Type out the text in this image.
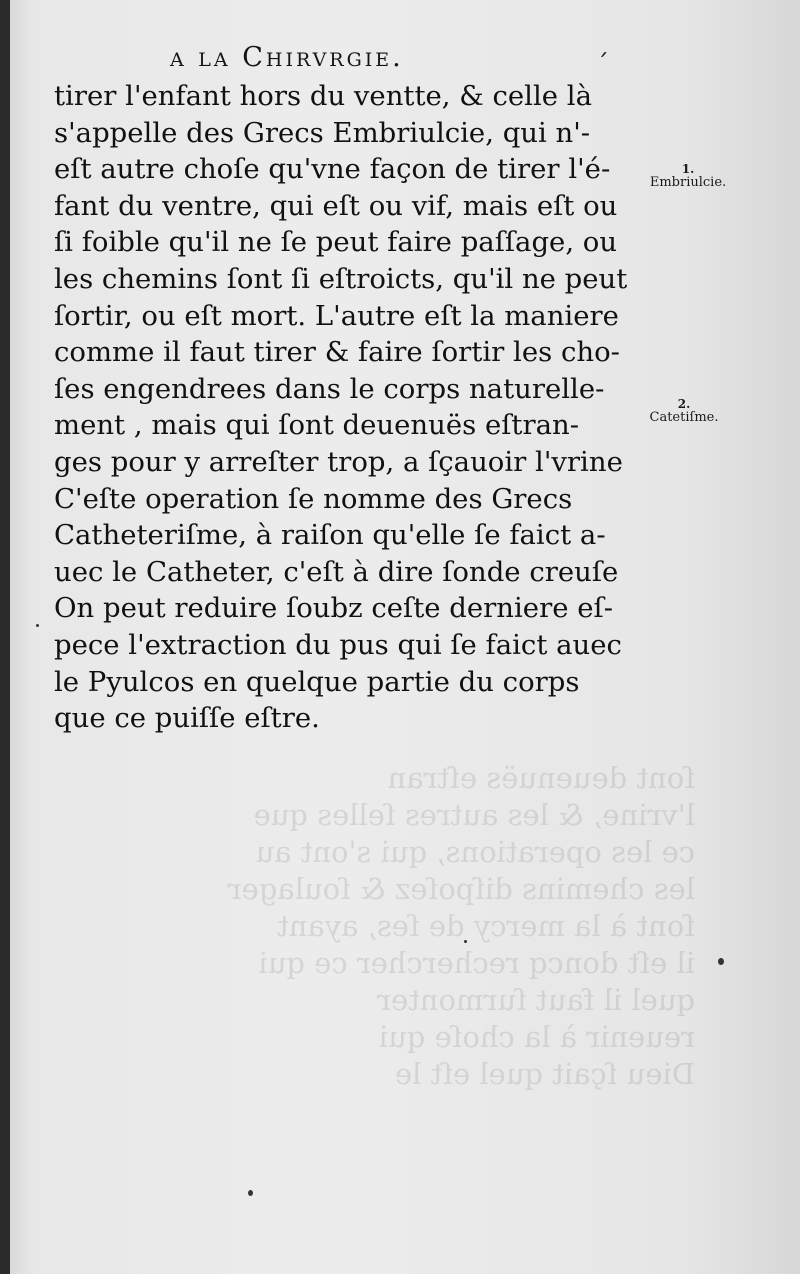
ſont deuenuës eſtran
l'vrine, & les autres ſelles que
ce les operations, qui s'ont au
les chemins diſpoſez & ſoulager
ſont à la mercy de ſes, ayant
il eſt doncq rechercher ce qui
quel il faut ſurmonter
reuenir à la choſe qui
Dieu ſçait quel eſt le
a la Chirvrgie.	´
tirer l'enfant hors du ventte, & celle là
s'appelle des Grecs Embriulcie, qui n'-
eſt autre choſe qu'vne façon de tirer l'é-
fant du ventre, qui eſt ou vif, mais eſt ou
ſi foible qu'il ne ſe peut faire paſſage, ou
les chemins ſont ſi eſtroicts, qu'il ne peut
ſortir, ou eſt mort. L'autre eſt la maniere
comme il faut tirer & faire ſortir les cho-
ſes engendrees dans le corps naturelle-
ment , mais qui ſont deuenuës eſtran-
ges pour y arreſter trop, a ſçauoir l'vrine
C'eſte operation ſe nomme des Grecs
Catheteriſme, à raiſon qu'elle ſe faict a-
uec le Catheter, c'eſt à dire ſonde creuſe
On peut reduire ſoubz ceſte derniere eſ-
pece l'extraction du pus qui ſe faict auec
le Pyulcos en quelque partie du corps
que ce puiſſe eſtre.
1.
Embriulcie.
2.
Catetiſme.
